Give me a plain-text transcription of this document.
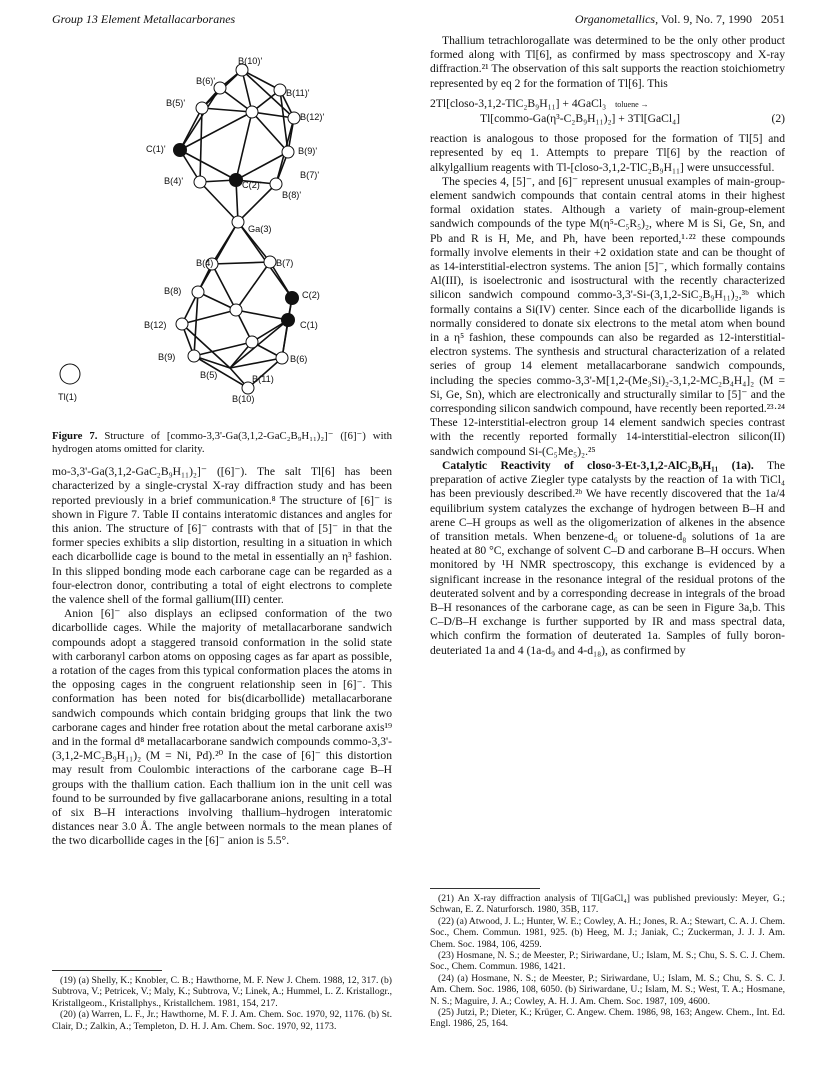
Group 13 Element Metallacarboranes	Organometallics, Vol. 9, No. 7, 1990 2051
B(10)'
B(6)'
B(11)'
B(5)'
B(12)'
C(1)'	B(9)'
B(4)'	C(2)'
B(7)'
B(8)'
Ga(3)
B(4)	B(7)
B(8)	C(2)
B(12)	C(1)
B(9)	B(6)
B(5)	B(11)
Tl(1)	B(10)
Figure 7. Structure of [commo-3,3'-Ga(3,1,2-GaC₂B₉H₁₁)₂]⁻ ([6]⁻) with hydrogen atoms omitted for clarity.

mo-3,3'-Ga(3,1,2-GaC₂B₉H₁₁)₂]⁻ ([6]⁻). The salt Tl[6] has been characterized by a single-crystal X-ray diffraction study and has been reported previously in a brief communication.⁸ The structure of [6]⁻ is shown in Figure 7. Table II contains interatomic distances and angles for this anion. The structure of [6]⁻ contrasts with that of [5]⁻ in that the former species exhibits a slip distortion, resulting in a situation in which each dicarbollide cage is bound to the metal in essentially an η³ fashion. In this slipped bonding mode each carborane cage can be regarded as a four-electron donor, contributing a total of eight electrons to complete the valence shell of the formal gallium(III) center.

Anion [6]⁻ also displays an eclipsed conformation of the two dicarbollide cages. While the majority of metallacarborane sandwich compounds adopt a staggered transoid conformation in the solid state with carboranyl carbon atoms on opposing cages as far apart as possible, a rotation of the cages from this typical conformation places the atoms in the opposing cages in the congruent relationship seen in [6]⁻. This conformation has been noted for bis(dicarbollide) metallacarborane sandwich compounds which contain bridging groups that link the two carborane cages and hinder free rotation about the metal carborane axis¹⁹ and in the formal d⁸ metallacarborane sandwich compounds commo-3,3'-(3,1,2-MC₂B₉H₁₁)₂ (M = Ni, Pd).²⁰ In the case of [6]⁻ this distortion may result from Coulombic interactions of the carborane cage B–H groups with the thallium cation. Each thallium ion in the unit cell was found to be surrounded by five gallacarborane anions, resulting in a total of six B–H interactions involving thallium–hydrogen interatomic distances near 3.0 Å. The angle between normals to the mean planes of the two dicarbollide cages in the [6]⁻ anion is 5.5°.

(19) (a) Shelly, K.; Knobler, C. B.; Hawthorne, M. F. New J. Chem. 1988, 12, 317. (b) Subtrova, V.; Petricek, V.; Maly, K.; Subtrova, V.; Linek, A.; Hummel, L. Z. Kristallogr., Kristallgeom., Kristallphys., Kristallchem. 1981, 154, 217.

(20) (a) Warren, L. F., Jr.; Hawthorne, M. F. J. Am. Chem. Soc. 1970, 92, 1176. (b) St. Clair, D.; Zalkin, A.; Templeton, D. H. J. Am. Chem. Soc. 1970, 92, 1173.

Thallium tetrachlorogallate was determined to be the only other product formed along with Tl[6], as confirmed by mass spectroscopy and X-ray diffraction.²¹ The observation of this salt supports the reaction stoichiometry represented by eq 2 for the formation of Tl[6]. This

2Tl[closo-3,1,2-TlC₂B₉H₁₁] + 4GaCl₃ toluene →
Tl[commo-Ga(η³-C₂B₉H₁₁)₂] + 3Tl[GaCl₄]	(2)

reaction is analogous to those proposed for the formation of Tl[5] and represented by eq 1. Attempts to prepare Tl[6] by the reaction of alkylgallium reagents with Tl-[closo-3,1,2-TlC₂B₉H₁₁] were unsuccessful.

The species 4, [5]⁻, and [6]⁻ represent unusual examples of main-group-element sandwich compounds that contain central atoms in their highest formal oxidation states. Although a variety of main-group-element sandwich compounds of the type M(η⁵-C₅R₅)₂, where M is Si, Ge, Sn, and Pb and R is H, Me, and Ph, have been reported,¹·²² these compounds formally involve elements in their +2 oxidation state and can be thought of as 14-interstitial-electron systems. The anion [5]⁻, which formally contains Al(III), is isoelectronic and isostructural with the recently characterized silicon sandwich compound commo-3,3'-Si-(3,1,2-SiC₂B₉H₁₁)₂,³ᵇ which formally contains a Si(IV) center. Since each of the dicarbollide ligands is normally considered to donate six electrons to the metal atom when bound in a η⁵ fashion, these compounds can also be regarded as 12-interstitial-electron systems. The synthesis and structural characterization of a related series of group 14 element metallacarborane sandwich compounds, including the species commo-3,3'-M[1,2-(Me₃Si)₂-3,1,2-MC₂B₄H₄]₂ (M = Si, Ge, Sn), which are electronically and structurally similar to [5]⁻ and the corresponding silicon sandwich compound, have recently been reported.²³·²⁴ These 12-interstitial-electron group 14 element sandwich species contrast with the recently reported formally 14-interstitial-electron silicon(II) sandwich compound Si-(C₅Me₅)₂.²⁵

Catalytic Reactivity of closo-3-Et-3,1,2-AlC₂B₉H₁₁ (1a). The preparation of active Ziegler type catalysts by the reaction of 1a with TiCl₄ has been previously described.²ᵇ We have recently discovered that the 1a/4 equilibrium system catalyzes the exchange of hydrogen between B–H and arene C–H groups as well as the oligomerization of alkenes in the absence of transition metals. When benzene-d₆ or toluene-d₈ solutions of 1a are heated at 80 °C, exchange of solvent C–D and carborane B–H occurs. When monitored by ¹H NMR spectroscopy, this exchange is evidenced by a significant increase in the resonance integral of the residual protons of the deuterated solvent and by a corresponding decrease in integrals of the broad B–H resonances of the carborane cage, as can be seen in Figure 3a,b. This C–D/B–H exchange is further supported by IR and mass spectral data, which confirm the formation of deuterated 1a. Samples of fully boron-deuteriated 1a and 4 (1a-d₉ and 4-d₁₈), as confirmed by

(21) An X-ray diffraction analysis of Tl[GaCl₄] was published previously: Meyer, G.; Schwan, E. Z. Naturforsch. 1980, 35B, 117.

(22) (a) Atwood, J. L.; Hunter, W. E.; Cowley, A. H.; Jones, R. A.; Stewart, C. A. J. Chem. Soc., Chem. Commun. 1981, 925. (b) Heeg, M. J.; Janiak, C.; Zuckerman, J. J. J. Am. Chem. Soc. 1984, 106, 4259.

(23) Hosmane, N. S.; de Meester, P.; Siriwardane, U.; Islam, M. S.; Chu, S. S. C. J. Chem. Soc., Chem. Commun. 1986, 1421.

(24) (a) Hosmane, N. S.; de Meester, P.; Siriwardane, U.; Islam, M. S.; Chu, S. S. C. J. Am. Chem. Soc. 1986, 108, 6050. (b) Siriwardane, U.; Islam, M. S.; West, T. A.; Hosmane, N. S.; Maguire, J. A.; Cowley, A. H. J. Am. Chem. Soc. 1987, 109, 4600.

(25) Jutzi, P.; Dieter, K.; Krüger, C. Angew. Chem. 1986, 98, 163; Angew. Chem., Int. Ed. Engl. 1986, 25, 164.
